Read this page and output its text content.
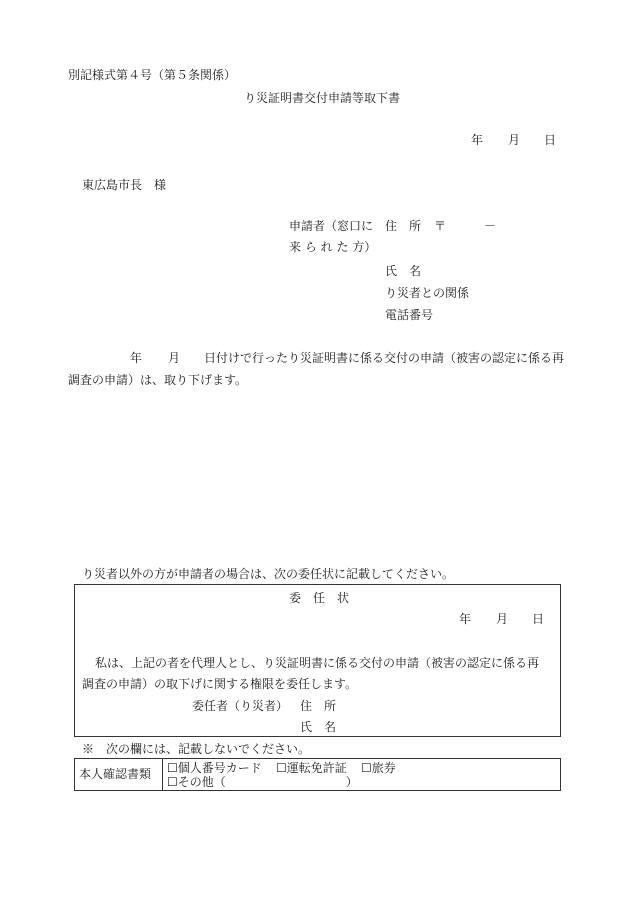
別記様式第４号（第５条関係）
り災証明書交付申請等取下書
年 月 日
東広島市長　様
申請者（窓口に 住　所 〒	－
来 ら れ た 方）
氏　名
り災者との関係
電話番号
年 月 日付けで行ったり災証明書に係る交付の申請（被害の認定に係る再
調査の申請）は、取り下げます。
り災者以外の方が申請者の場合は、次の委任状に記載してください。
委　任　状
年 月 日
私は、上記の者を代理人とし、り災証明書に係る交付の申請（被害の認定に係る再
調査の申請）の取下げに関する権限を委任します。
委任者（り災者） 住　所
氏　名
※　次の欄には、記載しないでください。
本人確認書類 ☐個人番号カード ☐運転免許証 ☐旅券
☐その他（　　　　　　　　　　）
